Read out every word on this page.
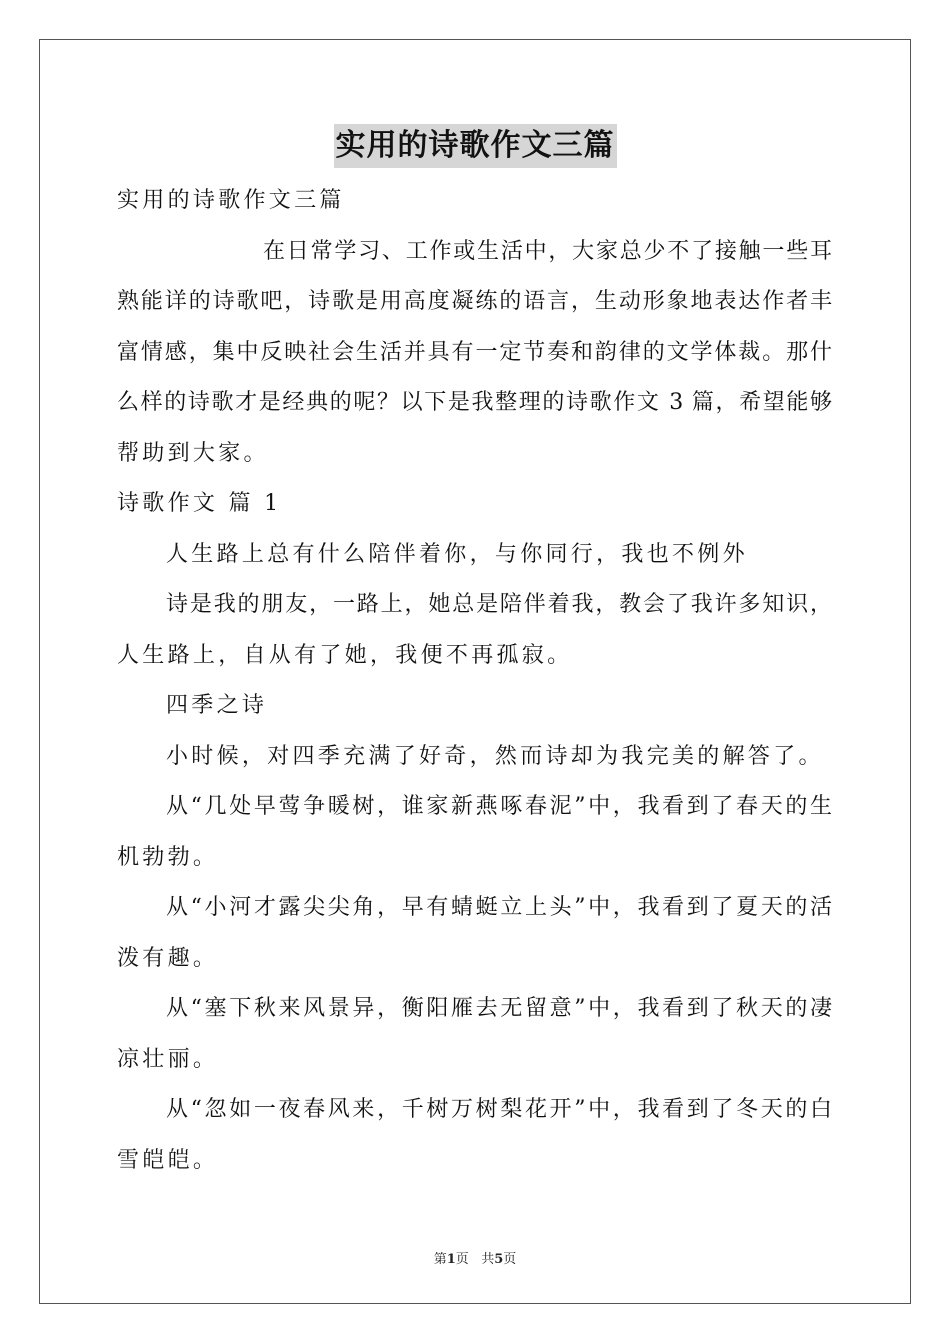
实用的诗歌作文三篇
实用的诗歌作文三篇
在日常学习、工作或生活中，大家总少不了接触一些耳
熟能详的诗歌吧，诗歌是用高度凝练的语言，生动形象地表达作者丰
富情感，集中反映社会生活并具有一定节奏和韵律的文学体裁。那什
么样的诗歌才是经典的呢？以下是我整理的诗歌作文 3 篇，希望能够
帮助到大家。
诗歌作文 篇 1
人生路上总有什么陪伴着你，与你同行，我也不例外
诗是我的朋友，一路上，她总是陪伴着我，教会了我许多知识，
人生路上，自从有了她，我便不再孤寂。
四季之诗
小时候，对四季充满了好奇，然而诗却为我完美的解答了。
从“几处早莺争暖树，谁家新燕啄春泥”中，我看到了春天的生
机勃勃。
从“小河才露尖尖角，早有蜻蜓立上头”中，我看到了夏天的活
泼有趣。
从“塞下秋来风景异，衡阳雁去无留意”中，我看到了秋天的凄
凉壮丽。
从“忽如一夜春风来，千树万树梨花开”中，我看到了冬天的白
雪皑皑。
第1页   共5页
